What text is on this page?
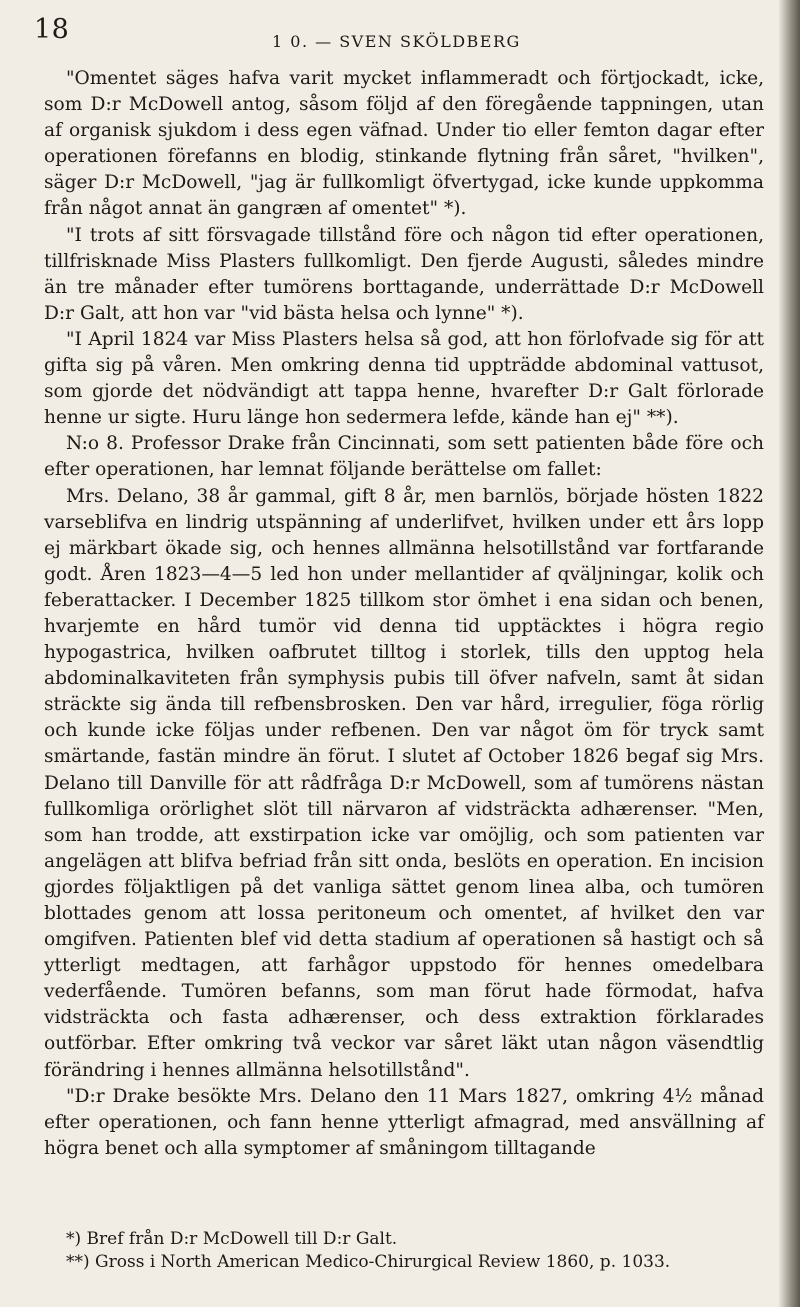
18	1 0. — SVEN SKÖLDBERG

"Omentet säges hafva varit mycket inflammeradt och förtjockadt, icke, som D:r McDowell antog, såsom följd af den föregående tappningen, utan af organisk sjukdom i dess egen väfnad. Under tio eller femton dagar efter operationen förefanns en blodig, stinkande flytning från såret, "hvilken", säger D:r McDowell, "jag är fullkomligt öfvertygad, icke kunde uppkomma från något annat än gangræn af omentet" *).

"I trots af sitt försvagade tillstånd före och någon tid efter operationen, tillfrisknade Miss Plasters fullkomligt. Den fjerde Augusti, således mindre än tre månader efter tumörens borttagande, underrättade D:r McDowell D:r Galt, att hon var "vid bästa helsa och lynne" *).

"I April 1824 var Miss Plasters helsa så god, att hon förlofvade sig för att gifta sig på våren. Men omkring denna tid uppträdde abdominal vattusot, som gjorde det nödvändigt att tappa henne, hvarefter D:r Galt förlorade henne ur sigte. Huru länge hon sedermera lefde, kände han ej" **).

N:o 8. Professor Drake från Cincinnati, som sett patienten både före och efter operationen, har lemnat följande berättelse om fallet:

Mrs. Delano, 38 år gammal, gift 8 år, men barnlös, började hösten 1822 varseblifva en lindrig utspänning af underlifvet, hvilken under ett års lopp ej märkbart ökade sig, och hennes allmänna helsotillstånd var fortfarande godt. Åren 1823—4—5 led hon under mellantider af qväljningar, kolik och feberattacker. I December 1825 tillkom stor ömhet i ena sidan och benen, hvarjemte en hård tumör vid denna tid upptäcktes i högra regio hypogastrica, hvilken oafbrutet tilltog i storlek, tills den upptog hela abdominalkaviteten från symphysis pubis till öfver nafveln, samt åt sidan sträckte sig ända till refbensbrosken. Den var hård, irregulier, föga rörlig och kunde icke följas under refbenen. Den var något öm för tryck samt smärtande, fastän mindre än förut. I slutet af October 1826 begaf sig Mrs. Delano till Danville för att rådfråga D:r McDowell, som af tumörens nästan fullkomliga orörlighet slöt till närvaron af vidsträckta adhærenser. "Men, som han trodde, att exstirpation icke var omöjlig, och som patienten var angelägen att blifva befriad från sitt onda, beslöts en operation. En incision gjordes följaktligen på det vanliga sättet genom linea alba, och tumören blottades genom att lossa peritoneum och omentet, af hvilket den var omgifven. Patienten blef vid detta stadium af operationen så hastigt och så ytterligt medtagen, att farhågor uppstodo för hennes omedelbara vederfående. Tumören befanns, som man förut hade förmodat, hafva vidsträckta och fasta adhærenser, och dess extraktion förklarades outförbar. Efter omkring två veckor var såret läkt utan någon väsendtlig förändring i hennes allmänna helsotillstånd".

"D:r Drake besökte Mrs. Delano den 11 Mars 1827, omkring 4½ månad efter operationen, och fann henne ytterligt afmagrad, med ansvällning af högra benet och alla symptomer af småningom tilltagande

*) Bref från D:r McDowell till D:r Galt.
**) Gross i North American Medico-Chirurgical Review 1860, p. 1033.
